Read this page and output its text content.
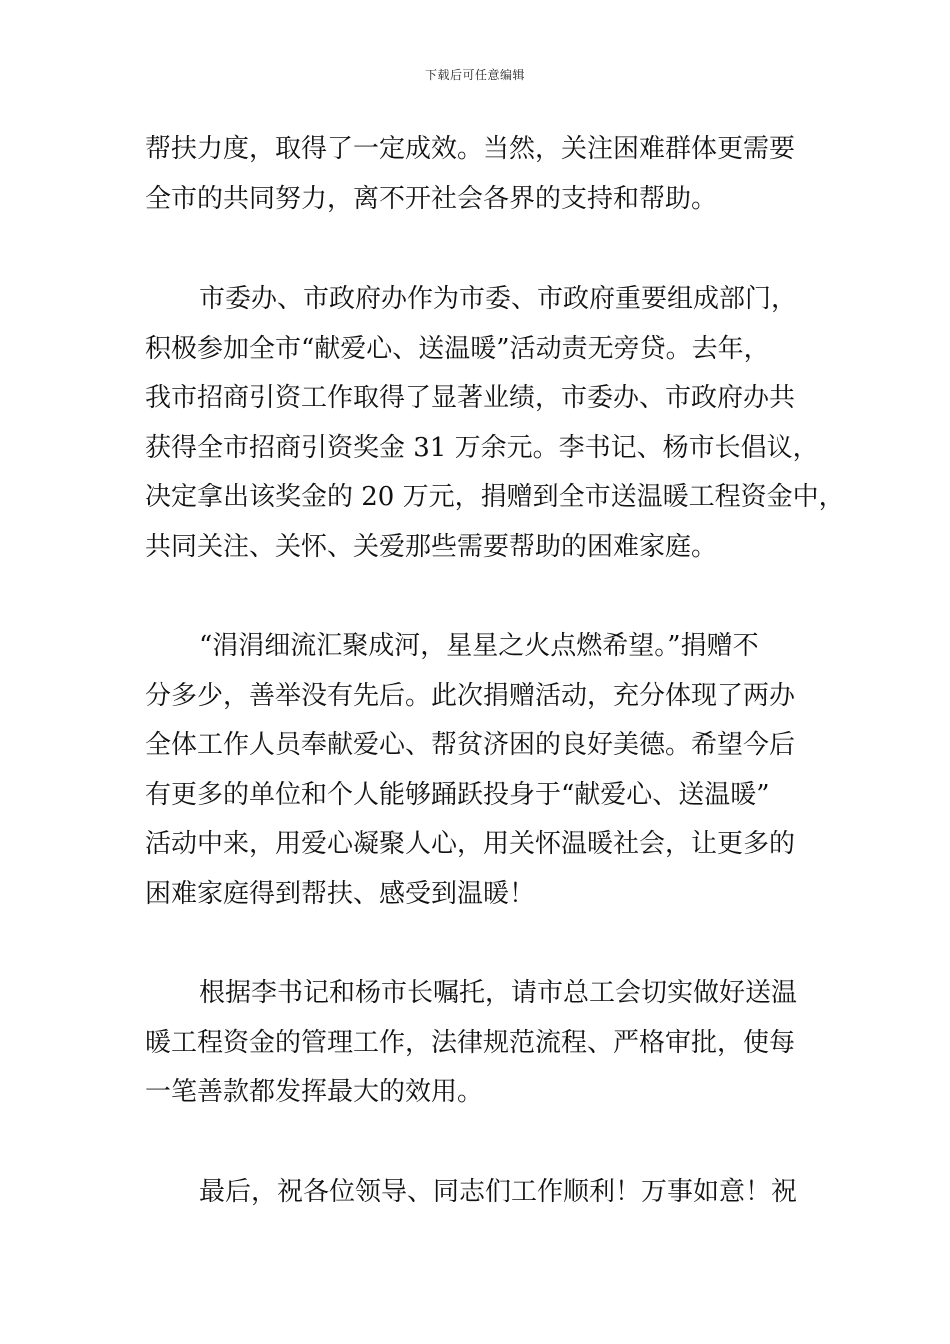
下载后可任意编辑
帮扶力度，取得了一定成效。当然，关注困难群体更需要
全市的共同努力，离不开社会各界的支持和帮助。
市委办、市政府办作为市委、市政府重要组成部门，
积极参加全市“献爱心、送温暖”活动责无旁贷。去年，
我市招商引资工作取得了显著业绩，市委办、市政府办共
获得全市招商引资奖金 31 万余元。李书记、杨市长倡议，
决定拿出该奖金的 20 万元，捐赠到全市送温暖工程资金中，
共同关注、关怀、关爱那些需要帮助的困难家庭。
“涓涓细流汇聚成河，星星之火点燃希望。”捐赠不
分多少，善举没有先后。此次捐赠活动，充分体现了两办
全体工作人员奉献爱心、帮贫济困的良好美德。希望今后
有更多的单位和个人能够踊跃投身于“献爱心、送温暖”
活动中来，用爱心凝聚人心，用关怀温暖社会，让更多的
困难家庭得到帮扶、感受到温暖！
根据李书记和杨市长嘱托，请市总工会切实做好送温
暖工程资金的管理工作，法律规范流程、严格审批，使每
一笔善款都发挥最大的效用。
最后，祝各位领导、同志们工作顺利！万事如意！祝
